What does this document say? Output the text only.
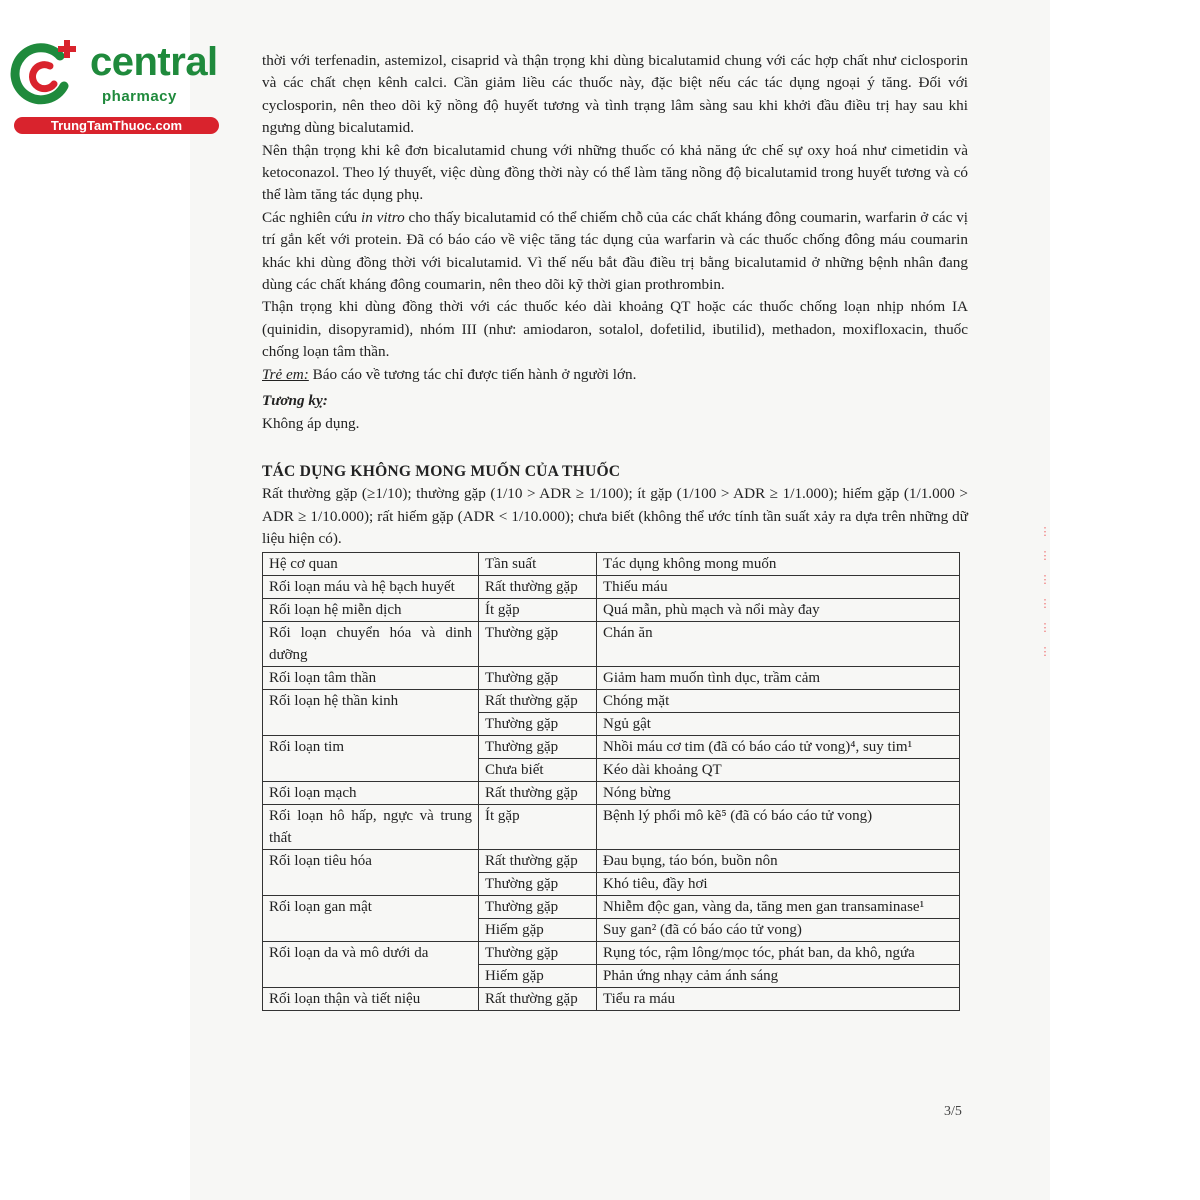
central
pharmacy
TrungTamThuoc.com

thời với terfenadin, astemizol, cisaprid và thận trọng khi dùng bicalutamid chung với các hợp chất như ciclosporin và các chất chẹn kênh calci. Cần giảm liều các thuốc này, đặc biệt nếu các tác dụng ngoại ý tăng. Đối với cyclosporin, nên theo dõi kỹ nồng độ huyết tương và tình trạng lâm sàng sau khi khởi đầu điều trị hay sau khi ngưng dùng bicalutamid.

Nên thận trọng khi kê đơn bicalutamid chung với những thuốc có khả năng ức chế sự oxy hoá như cimetidin và ketoconazol. Theo lý thuyết, việc dùng đồng thời này có thể làm tăng nồng độ bicalutamid trong huyết tương và có thể làm tăng tác dụng phụ.

Các nghiên cứu in vitro cho thấy bicalutamid có thể chiếm chỗ của các chất kháng đông coumarin, warfarin ở các vị trí gắn kết với protein. Đã có báo cáo về việc tăng tác dụng của warfarin và các thuốc chống đông máu coumarin khác khi dùng đồng thời với bicalutamid. Vì thế nếu bắt đầu điều trị bằng bicalutamid ở những bệnh nhân đang dùng các chất kháng đông coumarin, nên theo dõi kỹ thời gian prothrombin.

Thận trọng khi dùng đồng thời với các thuốc kéo dài khoảng QT hoặc các thuốc chống loạn nhịp nhóm IA (quinidin, disopyramid), nhóm III (như: amiodaron, sotalol, dofetilid, ibutilid), methadon, moxifloxacin, thuốc chống loạn tâm thần.

Trẻ em: Báo cáo về tương tác chỉ được tiến hành ở người lớn.

Tương kỵ:

Không áp dụng.

TÁC DỤNG KHÔNG MONG MUỐN CỦA THUỐC

Rất thường gặp (≥1/10); thường gặp (1/10 > ADR ≥ 1/100); ít gặp (1/100 > ADR ≥ 1/1.000); hiếm gặp (1/1.000 > ADR ≥ 1/10.000); rất hiếm gặp (ADR < 1/10.000); chưa biết (không thể ước tính tần suất xảy ra dựa trên những dữ liệu hiện có).

Hệ cơ quan	Tần suất	Tác dụng không mong muốn
Rối loạn máu và hệ bạch huyết	Rất thường gặp	Thiếu máu
Rối loạn hệ miễn dịch	Ít gặp	Quá mẫn, phù mạch và nổi mày đay
Rối loạn chuyển hóa và dinh dưỡng	Thường gặp	Chán ăn
Rối loạn tâm thần	Thường gặp	Giảm ham muốn tình dục, trầm cảm
Rối loạn hệ thần kinh	Rất thường gặp	Chóng mặt
	Thường gặp	Ngủ gật
Rối loạn tim	Thường gặp	Nhồi máu cơ tim (đã có báo cáo tử vong)⁴, suy tim¹
	Chưa biết	Kéo dài khoảng QT
Rối loạn mạch	Rất thường gặp	Nóng bừng
Rối loạn hô hấp, ngực và trung thất	Ít gặp	Bệnh lý phổi mô kẽ⁵ (đã có báo cáo tử vong)
Rối loạn tiêu hóa	Rất thường gặp	Đau bụng, táo bón, buồn nôn
	Thường gặp	Khó tiêu, đầy hơi
Rối loạn gan mật	Thường gặp	Nhiễm độc gan, vàng da, tăng men gan transaminase¹
	Hiếm gặp	Suy gan² (đã có báo cáo tử vong)
Rối loạn da và mô dưới da	Thường gặp	Rụng tóc, rậm lông/mọc tóc, phát ban, da khô, ngứa
	Hiếm gặp	Phản ứng nhạy cảm ánh sáng
Rối loạn thận và tiết niệu	Rất thường gặp	Tiểu ra máu
⋮
⋮
⋮
⋮
⋮
⋮
3/5
